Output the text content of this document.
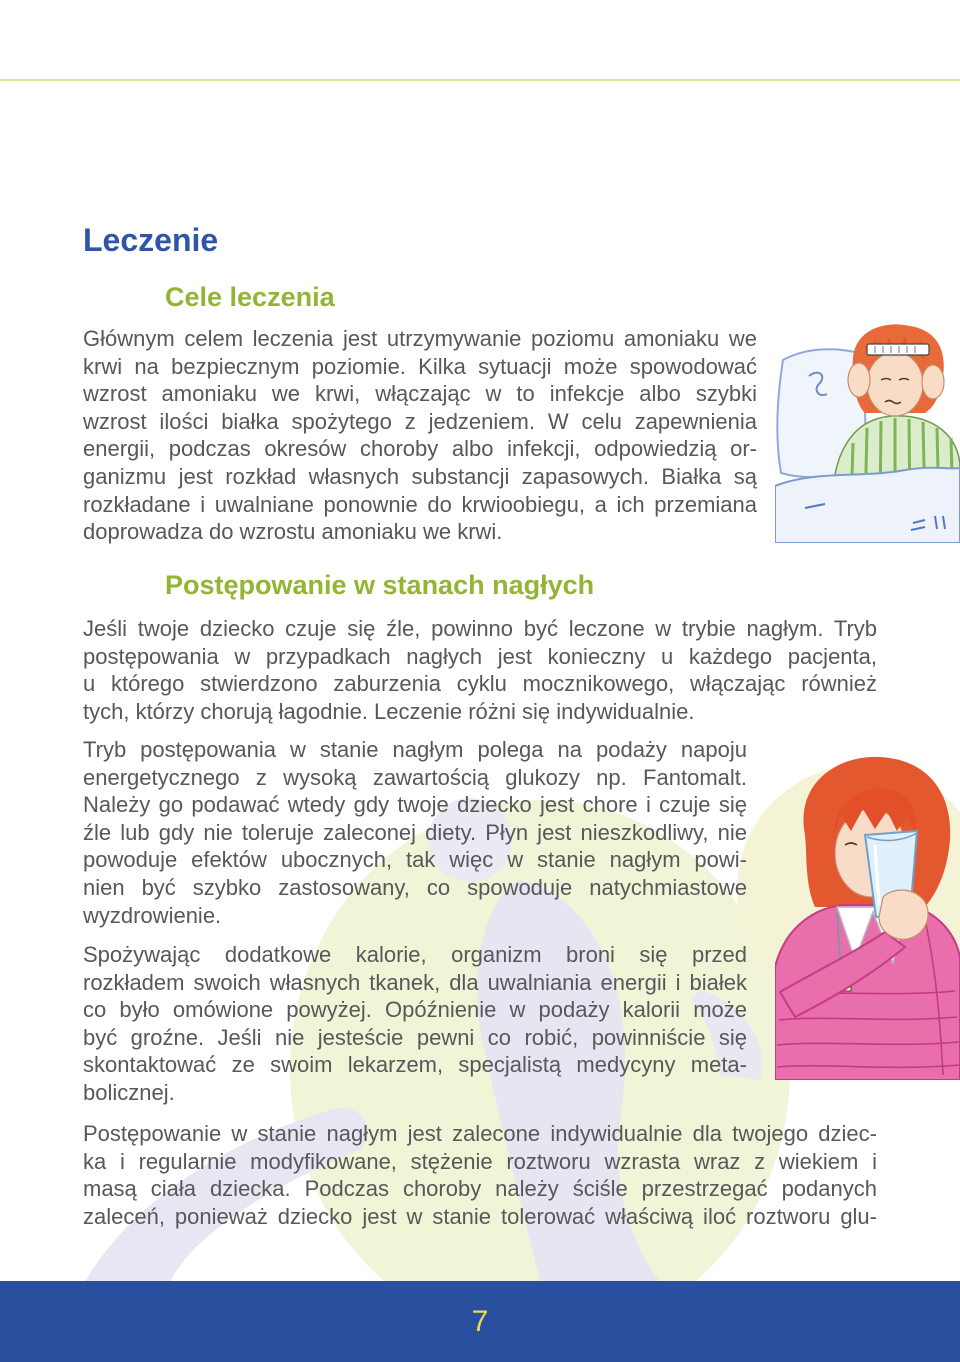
Leczenie
Cele leczenia
Głównym celem leczenia jest utrzymywanie poziomu amoniaku we
krwi na bezpiecznym poziomie. Kilka sytuacji może spowodować
wzrost amoniaku we krwi, włączając w to infekcje albo szybki
wzrost ilości białka spożytego z jedzeniem. W celu zapewnienia
energii, podczas okresów choroby albo infekcji, odpowiedzią or-
ganizmu jest rozkład własnych substancji zapasowych. Białka są
rozkładane i uwalniane ponownie do krwioobiegu, a ich przemiana
doprowadza do wzrostu amoniaku we krwi.
Postępowanie w stanach nagłych
Jeśli twoje dziecko czuje się źle, powinno być leczone w trybie nagłym. Tryb
postępowania w przypadkach nagłych jest konieczny u każdego pacjenta,
u którego stwierdzono zaburzenia cyklu mocznikowego, włączając również
tych, którzy chorują łagodnie. Leczenie różni się indywidualnie.
Tryb postępowania w stanie nagłym polega na podaży napoju
energetycznego z wysoką zawartością glukozy np. Fantomalt.
Należy go podawać wtedy gdy twoje dziecko jest chore i czuje się
źle lub gdy nie toleruje zaleconej diety. Płyn jest nieszkodliwy, nie
powoduje efektów ubocznych, tak więc w stanie nagłym powi-
nien być szybko zastosowany, co spowoduje natychmiastowe
wyzdrowienie.
Spożywając dodatkowe kalorie, organizm broni się przed
rozkładem swoich własnych tkanek, dla uwalniania energii i białek
co było omówione powyżej. Opóźnienie w podaży kalorii może
być groźne. Jeśli nie jesteście pewni co robić, powinniście się
skontaktować ze swoim lekarzem, specjalistą medycyny meta-
bolicznej.
Postępowanie w stanie nagłym jest zalecone indywidualnie dla twojego dziec-
ka i regularnie modyfikowane, stężenie roztworu wzrasta wraz z wiekiem i
masą ciała dziecka. Podczas choroby należy ściśle przestrzegać podanych
zaleceń, ponieważ dziecko jest w stanie tolerować właściwą iloć roztworu glu-
7
